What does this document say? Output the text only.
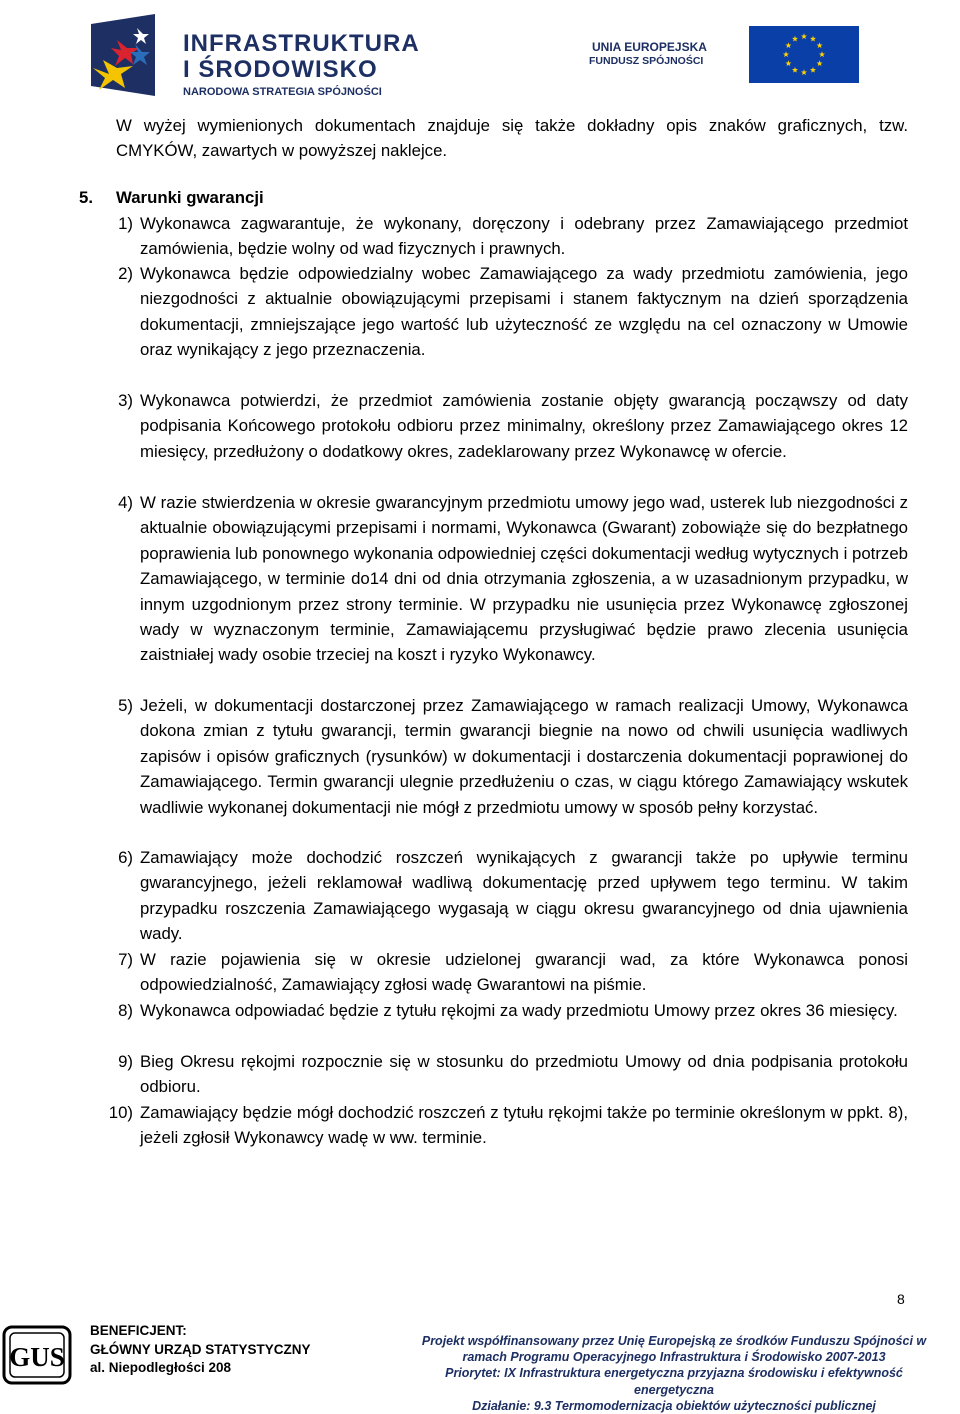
INFRASTRUKTURA
I ŚRODOWISKO
NARODOWA STRATEGIA SPÓJNOŚCI
UNIA EUROPEJSKA
FUNDUSZ SPÓJNOŚCI
W wyżej wymienionych dokumentach znajduje się także dokładny opis znaków graficznych, tzw. CMYKÓW, zawartych w powyższej naklejce.
5. Warunki gwarancji
1) Wykonawca zagwarantuje, że wykonany, doręczony i odebrany przez Zamawiającego przedmiot zamówienia, będzie wolny od wad fizycznych i prawnych.
2) Wykonawca będzie odpowiedzialny wobec Zamawiającego za wady przedmiotu zamówienia, jego niezgodności z aktualnie obowiązującymi przepisami i stanem faktycznym na dzień sporządzenia dokumentacji, zmniejszające jego wartość lub użyteczność ze względu na cel oznaczony w Umowie oraz wynikający z jego przeznaczenia.
3) Wykonawca potwierdzi, że przedmiot zamówienia zostanie objęty gwarancją począwszy od daty podpisania Końcowego protokołu odbioru przez minimalny, określony przez Zamawiającego okres 12 miesięcy, przedłużony o dodatkowy okres, zadeklarowany przez Wykonawcę w ofercie.
4) W razie stwierdzenia w okresie gwarancyjnym przedmiotu umowy jego wad, usterek lub niezgodności z aktualnie obowiązującymi przepisami i normami, Wykonawca (Gwarant) zobowiąże się do bezpłatnego poprawienia lub ponownego wykonania odpowiedniej części dokumentacji według wytycznych i potrzeb Zamawiającego, w terminie do14 dni od dnia otrzymania zgłoszenia, a w uzasadnionym przypadku, w innym uzgodnionym przez strony terminie. W przypadku nie usunięcia przez Wykonawcę zgłoszonej wady w wyznaczonym terminie, Zamawiającemu przysługiwać będzie prawo zlecenia usunięcia zaistniałej wady osobie trzeciej na koszt i ryzyko Wykonawcy.
5) Jeżeli, w dokumentacji dostarczonej przez Zamawiającego w ramach realizacji Umowy, Wykonawca dokona zmian z tytułu gwarancji, termin gwarancji biegnie na nowo od chwili usunięcia wadliwych zapisów i opisów graficznych (rysunków) w dokumentacji i dostarczenia dokumentacji poprawionej do Zamawiającego. Termin gwarancji ulegnie przedłużeniu o czas, w ciągu którego Zamawiający wskutek wadliwie wykonanej dokumentacji nie mógł z przedmiotu umowy w sposób pełny korzystać.
6) Zamawiający może dochodzić roszczeń wynikających z gwarancji także po upływie terminu gwarancyjnego, jeżeli reklamował wadliwą dokumentację przed upływem tego terminu. W takim przypadku roszczenia Zamawiającego wygasają w ciągu okresu gwarancyjnego od dnia ujawnienia wady.
7) W razie pojawienia się w okresie udzielonej gwarancji wad, za które Wykonawca ponosi odpowiedzialność, Zamawiający zgłosi wadę Gwarantowi na piśmie.
8) Wykonawca odpowiadać będzie z tytułu rękojmi za wady przedmiotu Umowy przez okres 36 miesięcy.
9) Bieg Okresu rękojmi rozpocznie się w stosunku do przedmiotu Umowy od dnia podpisania protokołu odbioru.
10) Zamawiający będzie mógł dochodzić roszczeń z tytułu rękojmi także po terminie określonym w ppkt. 8), jeżeli zgłosił Wykonawcy wadę w ww. terminie.
8
GUS
BENEFICJENT:
GŁÓWNY URZĄD STATYSTYCZNY
al. Niepodległości 208
Projekt współfinansowany przez Unię Europejską ze środków Funduszu Spójności w
ramach Programu Operacyjnego Infrastruktura i Środowisko 2007-2013
Priorytet: IX Infrastruktura energetyczna przyjazna środowisku i efektywność
energetyczna
Działanie: 9.3 Termomodernizacja obiektów użyteczności publicznej
